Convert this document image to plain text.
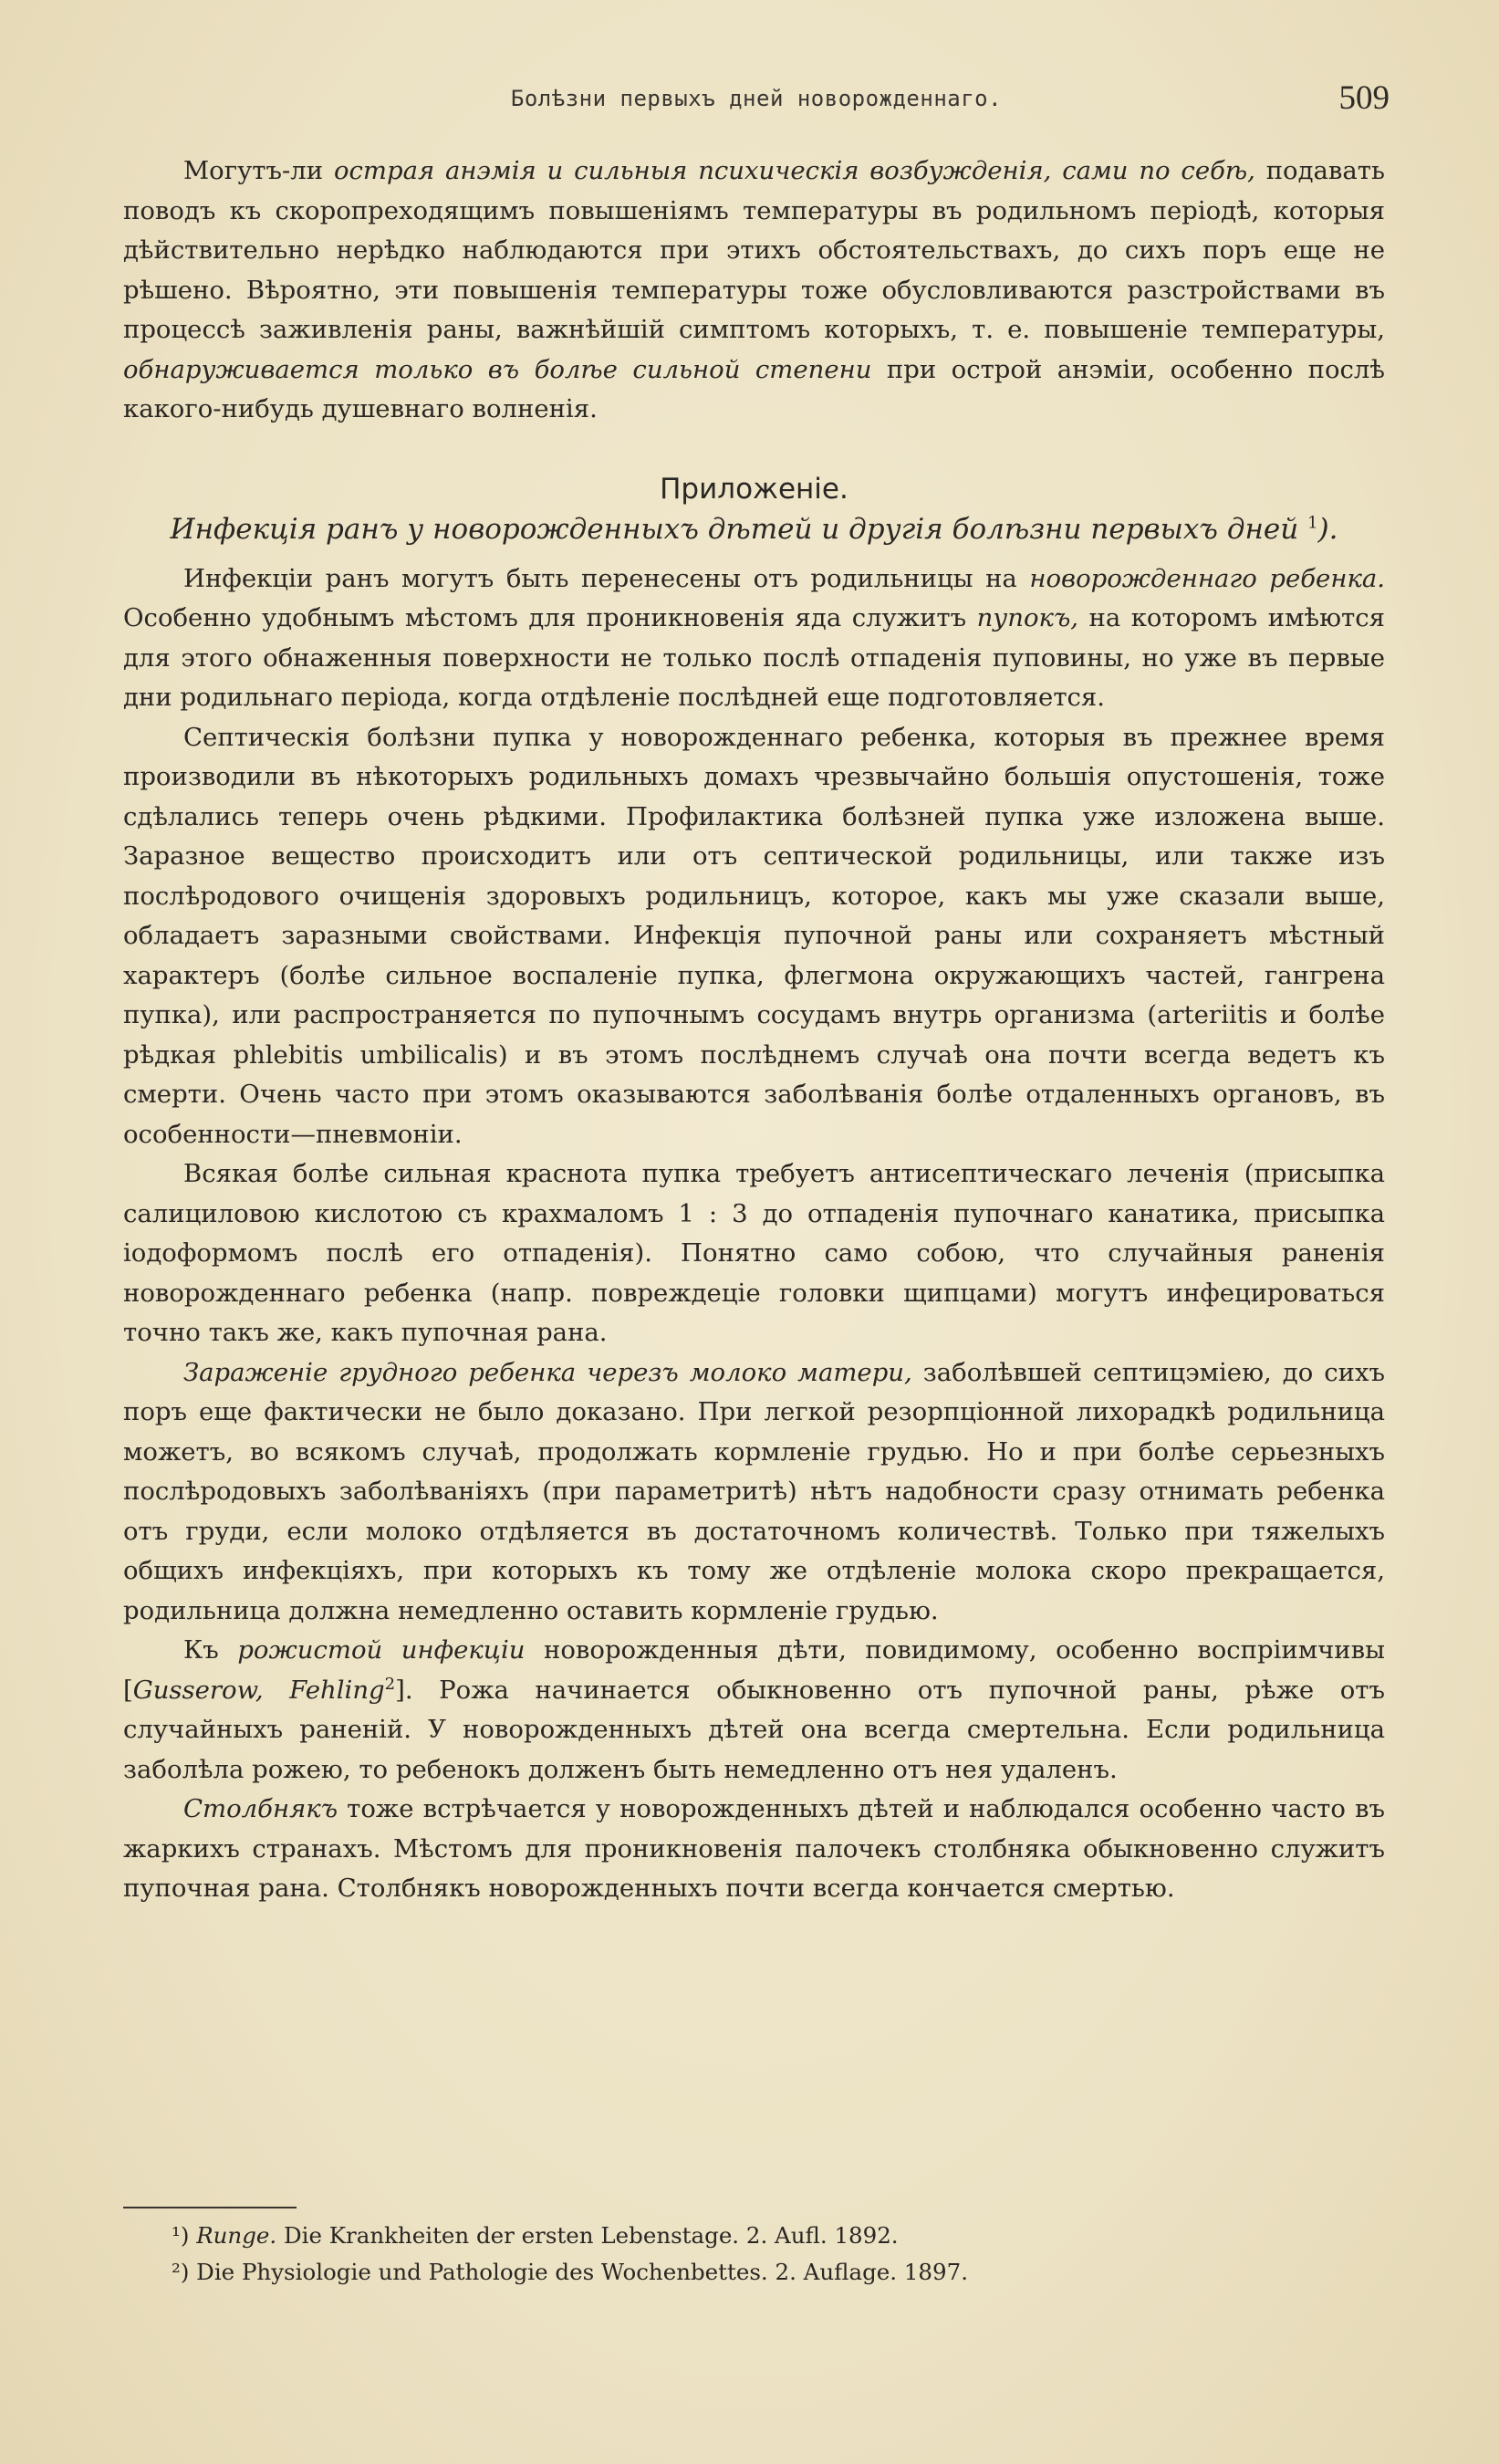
Болѣзни первыхъ дней новорожденнаго.	509

Могутъ-ли острая анэмія и сильныя психическія возбужденія, сами по себѣ, подавать поводъ къ скоропреходящимъ повышеніямъ температуры въ родильномъ періодѣ, которыя дѣйствительно нерѣдко наблюдаются при этихъ обстоятельствахъ, до сихъ поръ еще не рѣшено. Вѣроятно, эти повышенія температуры тоже обусловливаются разстройствами въ процессѣ заживленія раны, важнѣйшій симптомъ которыхъ, т. е. повышеніе температуры, обнаруживается только въ болѣе сильной степени при острой анэміи, особенно послѣ какого-нибудь душевнаго волненія.

Приложеніе.
Инфекція ранъ у новорожденныхъ дѣтей и другія болѣзни первыхъ дней $^1$).

Инфекціи ранъ могутъ быть перенесены отъ родильницы на новорожденнаго ребенка. Особенно удобнымъ мѣстомъ для проникновенія яда служитъ пупокъ, на которомъ имѣются для этого обнаженныя поверхности не только послѣ отпаденія пуповины, но уже въ первые дни родильнаго періода, когда отдѣленіе послѣдней еще подготовляется.

Септическія болѣзни пупка у новорожденнаго ребенка, которыя въ прежнее время производили въ нѣкоторыхъ родильныхъ домахъ чрезвычайно большія опустошенія, тоже сдѣлались теперь очень рѣдкими. Профилактика болѣзней пупка уже изложена выше. Заразное вещество происходитъ или отъ септической родильницы, или также изъ послѣродового очищенія здоровыхъ родильницъ, которое, какъ мы уже сказали выше, обладаетъ заразными свойствами. Инфекція пупочной раны или сохраняетъ мѣстный характеръ (болѣе сильное воспаленіе пупка, флегмона окружающихъ частей, гангрена пупка), или распространяется по пупочнымъ сосудамъ внутрь организма (arteriitis и болѣе рѣдкая phlebitis umbilicalis) и въ этомъ послѣднемъ случаѣ она почти всегда ведетъ къ смерти. Очень часто при этомъ оказываются заболѣванія болѣе отдаленныхъ органовъ, въ особенности—пневмоніи.

Всякая болѣе сильная краснота пупка требуетъ антисептическаго леченія (присыпка салициловою кислотою съ крахмаломъ 1 : 3 до отпаденія пупочнаго канатика, присыпка іодоформомъ послѣ его отпаденія). Понятно само собою, что случайныя раненія новорожденнаго ребенка (напр. повреждеціе головки щипцами) могутъ инфецироваться точно такъ же, какъ пупочная рана.

Зараженіе грудного ребенка черезъ молоко матери, заболѣвшей септицэміею, до сихъ поръ еще фактически не было доказано. При легкой резорпціонной лихорадкѣ родильница можетъ, во всякомъ случаѣ, продолжать кормленіе грудью. Но и при болѣе серьезныхъ послѣродовыхъ заболѣваніяхъ (при параметритѣ) нѣтъ надобности сразу отнимать ребенка отъ груди, если молоко отдѣляется въ достаточномъ количествѣ. Только при тяжелыхъ общихъ инфекціяхъ, при которыхъ къ тому же отдѣленіе молока скоро прекращается, родильница должна немедленно оставить кормленіе грудью.

Къ рожистой инфекціи новорожденныя дѣти, повидимому, особенно воспріимчивы [Gusserow, Fehling$^2$]. Рожа начинается обыкновенно отъ пупочной раны, рѣже отъ случайныхъ раненій. У новорожденныхъ дѣтей она всегда смертельна. Если родильница заболѣла рожею, то ребенокъ долженъ быть немедленно отъ нея удаленъ.

Столбнякъ тоже встрѣчается у новорожденныхъ дѣтей и наблюдался особенно часто въ жаркихъ странахъ. Мѣстомъ для проникновенія палочекъ столбняка обыкновенно служитъ пупочная рана. Столбнякъ новорожденныхъ почти всегда кончается смертью.

¹) Runge. Die Krankheiten der ersten Lebenstage. 2. Aufl. 1892.
²) Die Physiologie und Pathologie des Wochenbettes. 2. Auflage. 1897.
